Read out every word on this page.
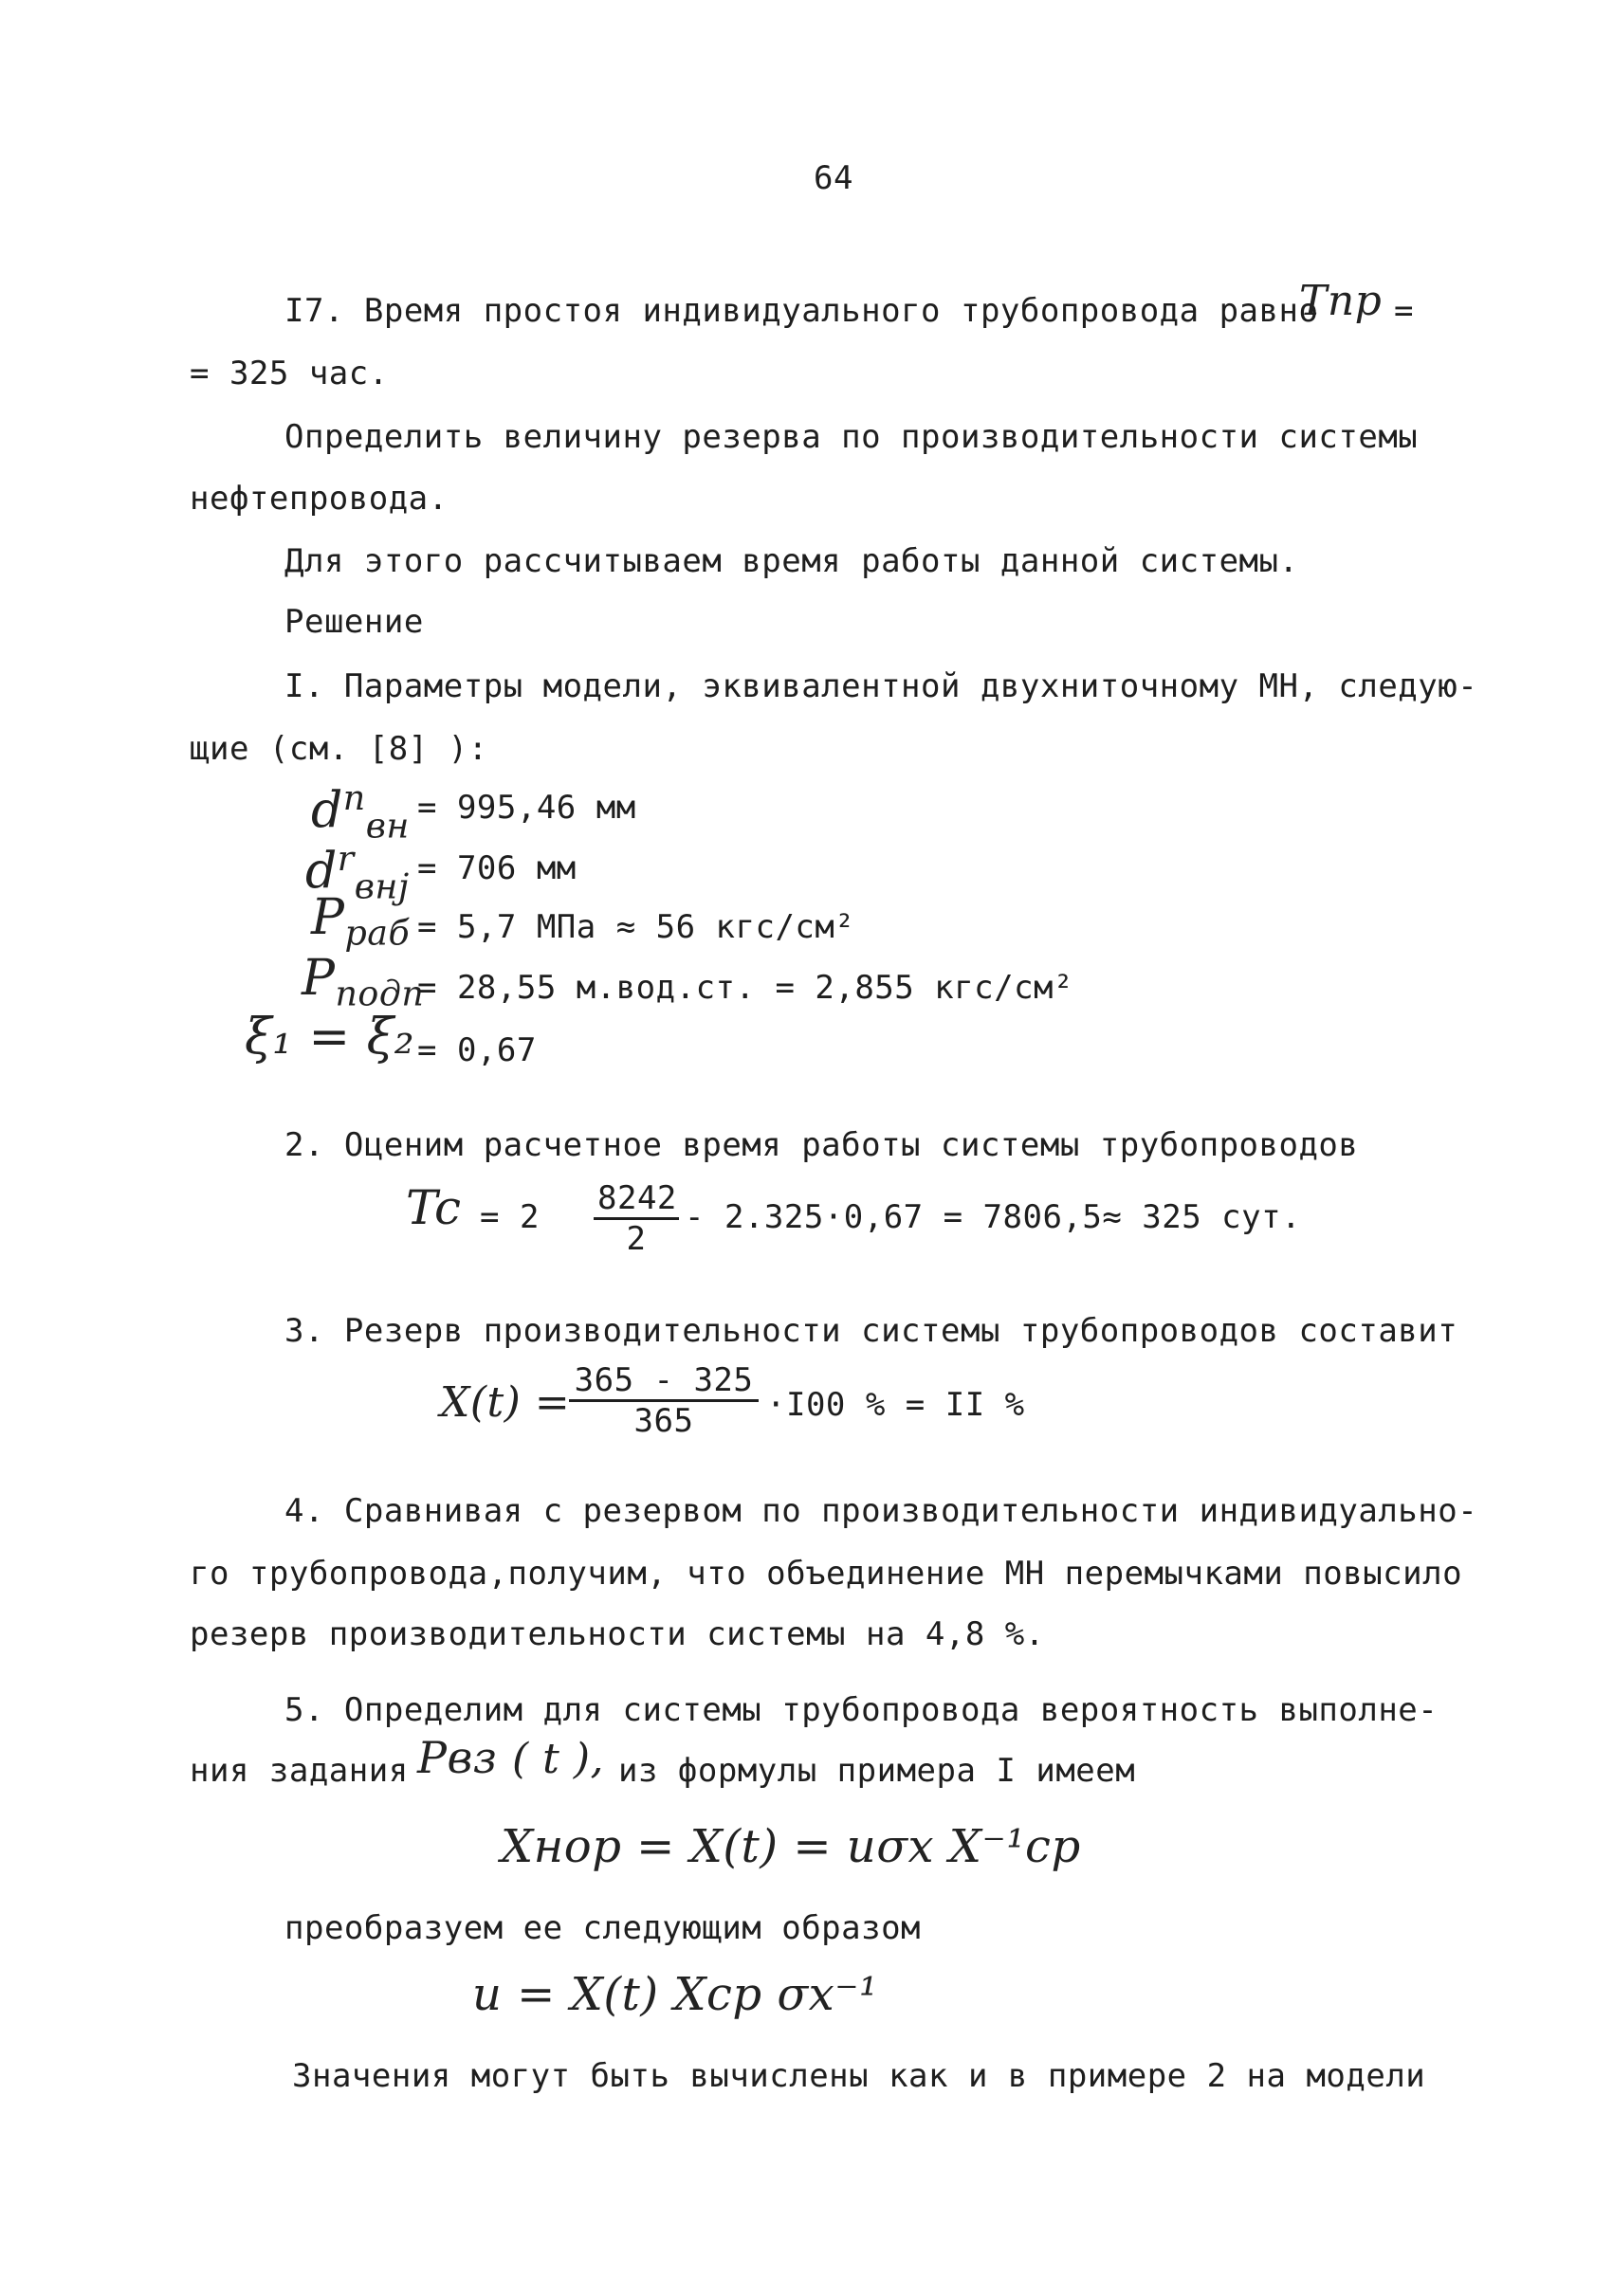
64
I7. Время простоя индивидуального трубопровода равно
Tпр =
= 325 час.
Определить величину резерва по производительности системы
нефтепровода.
Для этого рассчитываем время работы данной системы.
Решение
I. Параметры модели, эквивалентной двухниточному МН, следую-
щие (см. [8] ):
$d^n_{вн} = 995,46$ мм
$d^r_{внj} = 706$ мм
$P_{раб} = 5,7$ МПа ≈ 56 кгс/см²
$P_{подп}$
= 28,55 м.вод.ст. = 2,855 кгс/см²
ξ₁ = ξ₂ = 0,67
2. Оценим расчетное время работы системы трубопроводов
$Tc = 2 \frac{8242}{2} - 2.325\cdot 0,67 = 7806,5\approx 325$ сут.
3. Резерв производительности системы трубопроводов составит
X(t) =
$\frac{365 - 325}{365} \cdot I00$ % = II %
4. Сравнивая с резервом по производительности индивидуально-
го трубопровода,получим, что объединение МН перемычками повысило
резерв производительности системы на 4,8 %.
5. Определим для системы трубопровода вероятность выполне-
ния задания Pвз ( t ), из формулы примера I имеем
Xнор = X(t) = uσx X⁻¹ср
преобразуем ее следующим образом
u = X(t) Xср σx⁻¹
Значения могут быть вычислены как и в примере 2 на модели
